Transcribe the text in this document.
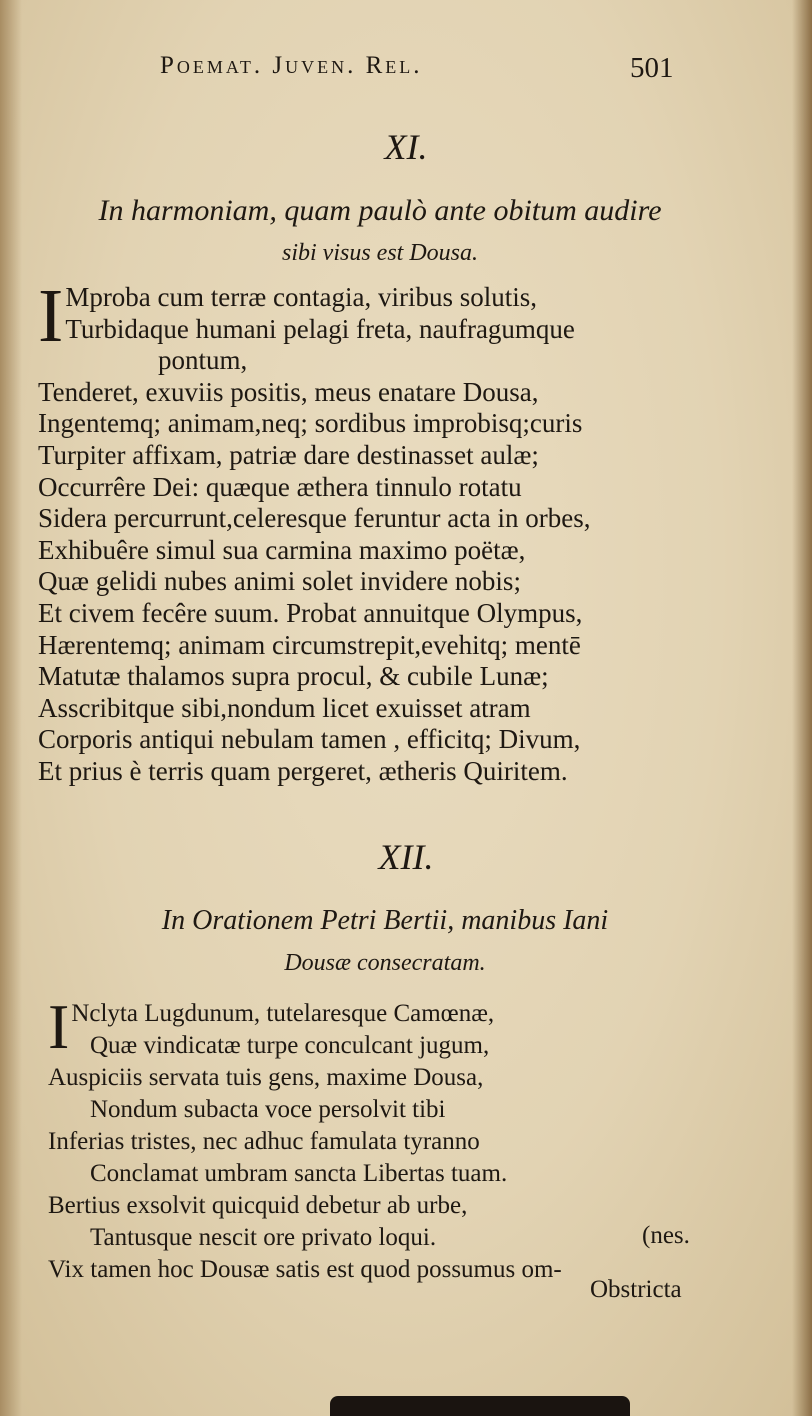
Poemat. Juven. Rel.	501
XI.
In harmoniam, quam paulò ante obitum audire
sibi visus est Dousa.
I Mproba cum terræ contagia, viribus solutis,
Turbidaque humani pelagi freta, naufragumque
pontum,
Tenderet, exuviis positis, meus enatare Dousa,
Ingentemq; animam,neq; sordibus improbisq;curis
Turpiter affixam, patriæ dare destinasset aulæ;
Occurrêre Dei: quæque æthera tinnulo rotatu
Sidera percurrunt,celeresque feruntur acta in orbes,
Exhibuêre simul sua carmina maximo poëtæ,
Quæ gelidi nubes animi solet invidere nobis;
Et civem fecêre suum. Probat annuitque Olympus,
Hærentemq; animam circumstrepit,evehitq; mentē
Matutæ thalamos supra procul, & cubile Lunæ;
Asscribitque sibi,nondum licet exuisset atram
Corporis antiqui nebulam tamen , efficitq; Divum,
Et prius è terris quam pergeret, ætheris Quiritem.
XII.
In Orationem Petri Bertii, manibus Iani
Dousæ consecratam.
I Nclyta Lugdunum, tutelaresque Camœnæ,
Quæ vindicatæ turpe conculcant jugum,
Auspiciis servata tuis gens, maxime Dousa,
Nondum subacta voce persolvit tibi
Inferias tristes, nec adhuc famulata tyranno
Conclamat umbram sancta Libertas tuam.
Bertius exsolvit quicquid debetur ab urbe,
Tantusque nescit ore privato loqui.
Vix tamen hoc Dousæ satis est quod possumus om-
(nes.
Obstricta
